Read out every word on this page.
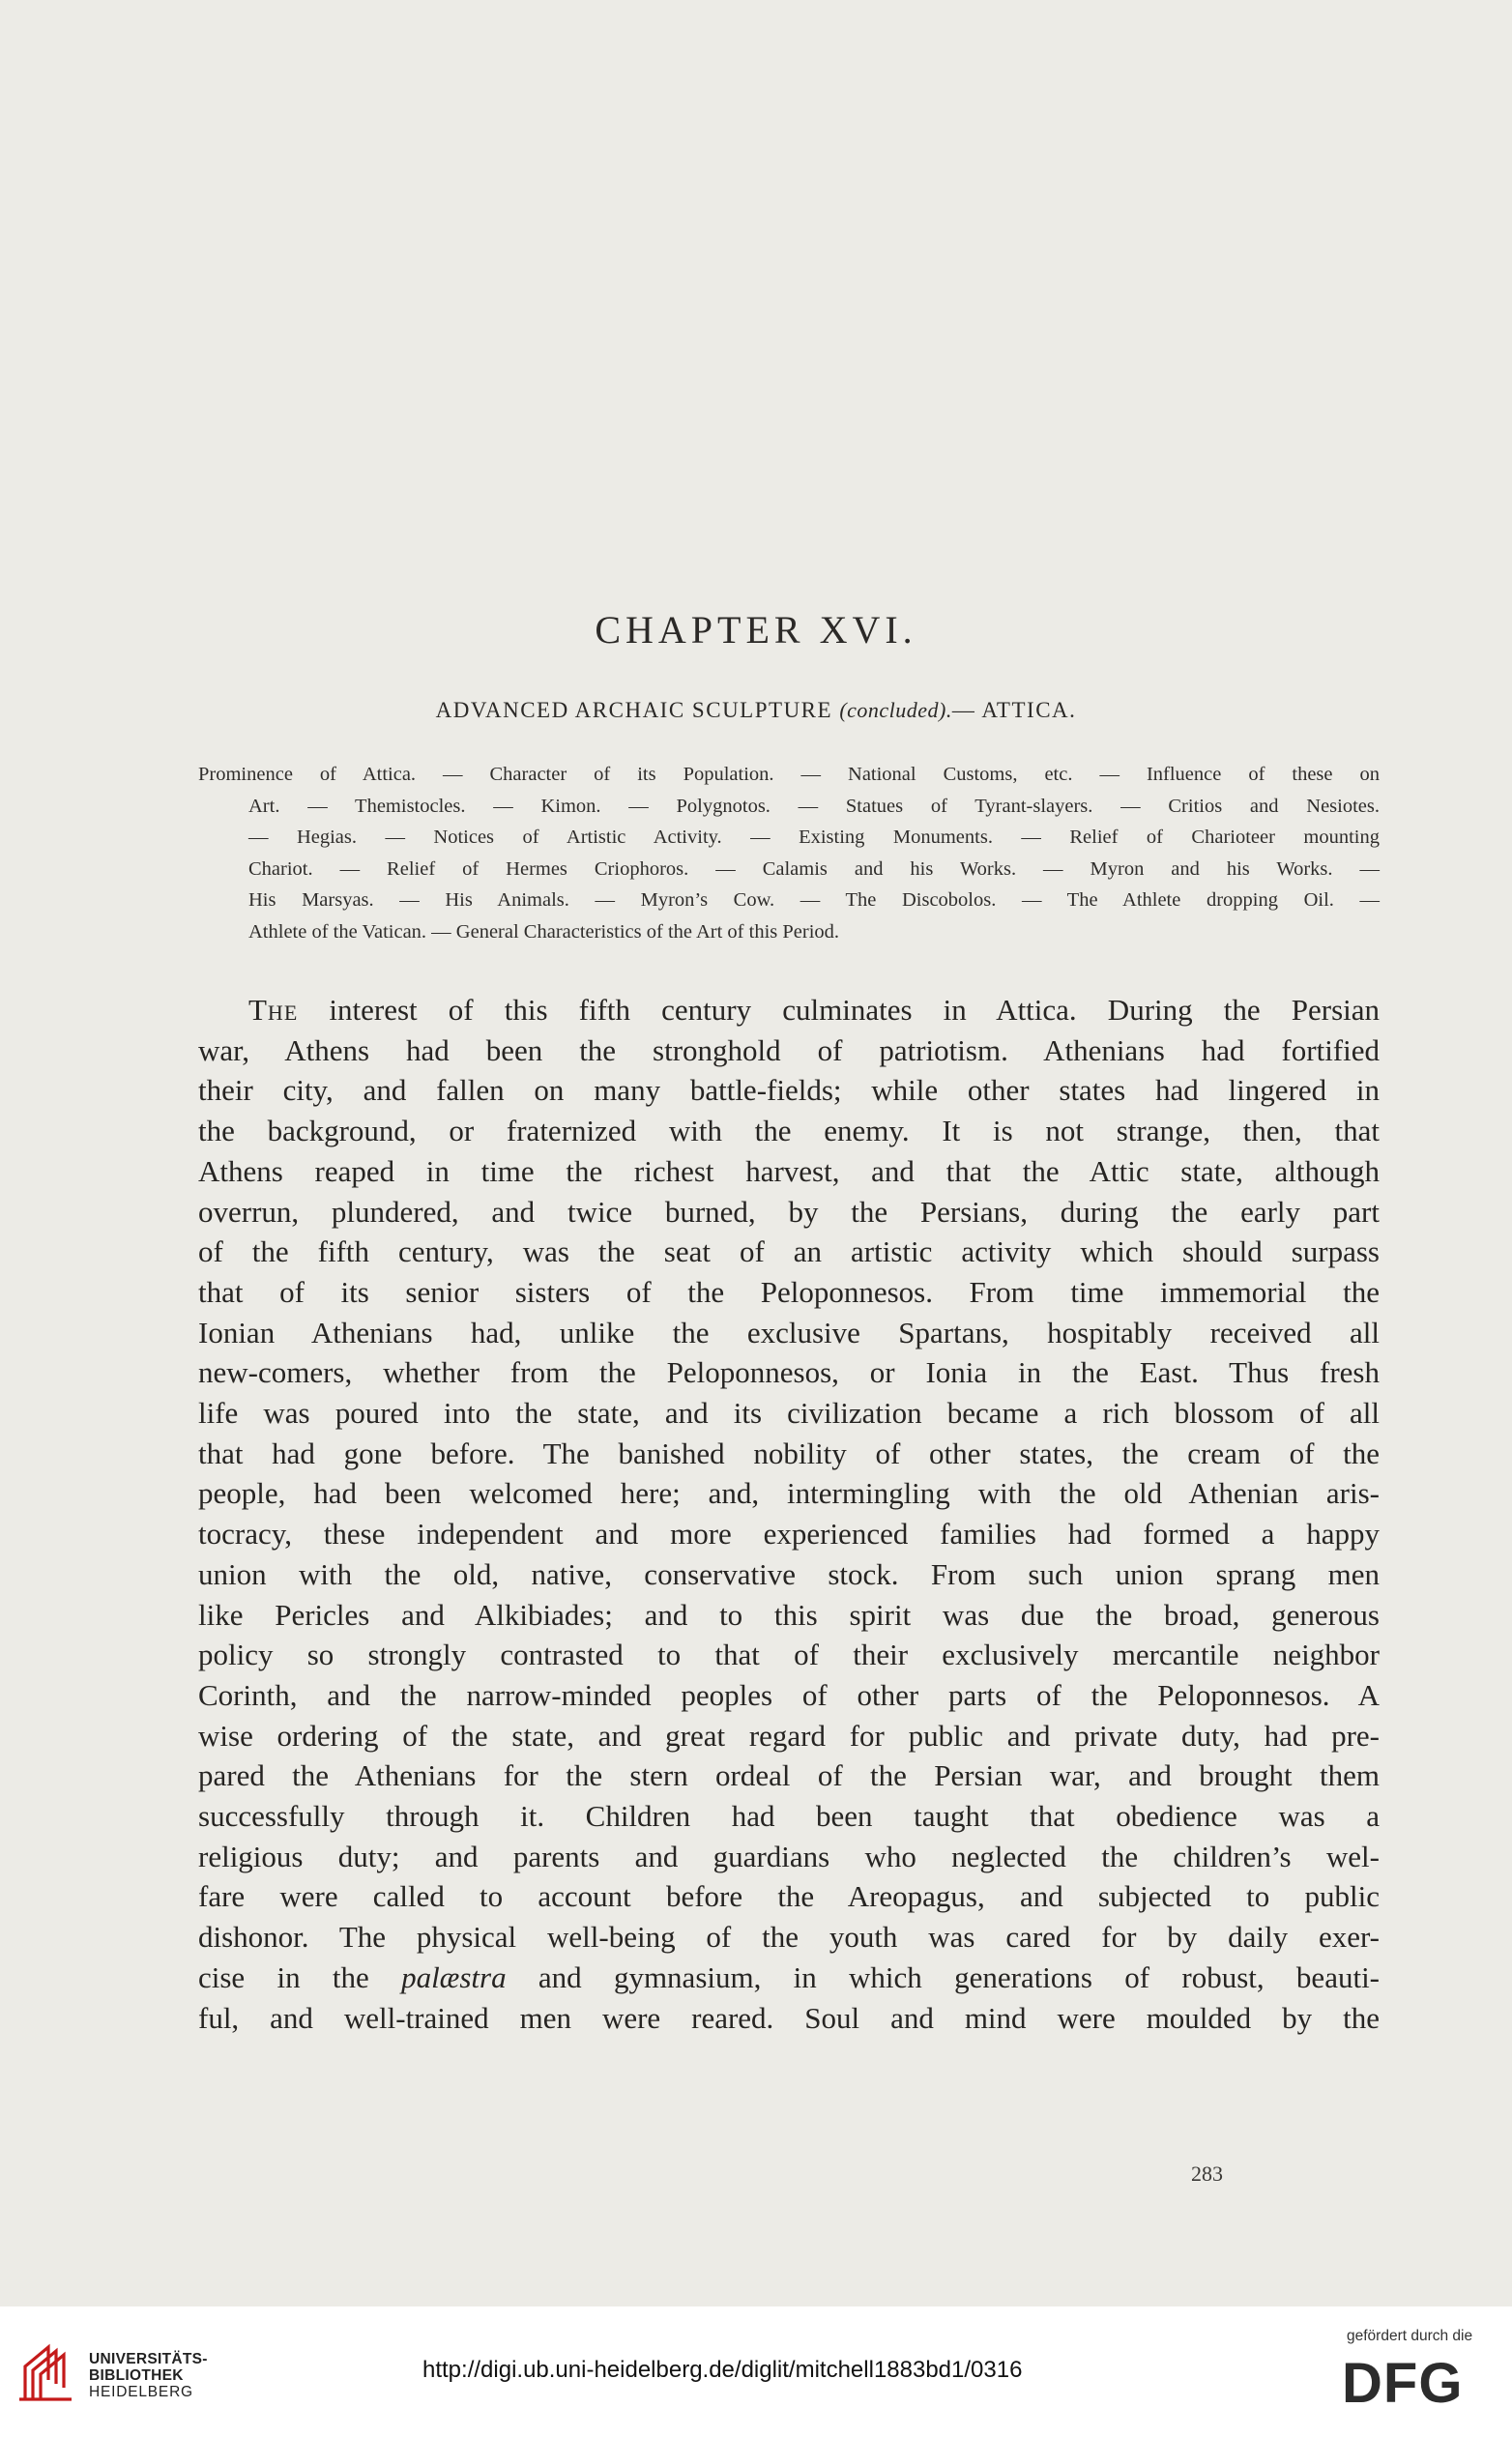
CHAPTER XVI.
ADVANCED ARCHAIC SCULPTURE (concluded).— ATTICA.
Prominence of Attica. — Character of its Population. — National Customs, etc. — Influence of these on
Art. — Themistocles. — Kimon. — Polygnotos. — Statues of Tyrant-slayers. — Critios and Nesiotes.
— Hegias. — Notices of Artistic Activity. — Existing Monuments. — Relief of Charioteer mounting
Chariot. — Relief of Hermes Criophoros. — Calamis and his Works. — Myron and his Works. —
His Marsyas. — His Animals. — Myron’s Cow. — The Discobolos. — The Athlete dropping Oil. —
Athlete of the Vatican. — General Characteristics of the Art of this Period.
The interest of this fifth century culminates in Attica. During the Persian
war, Athens had been the stronghold of patriotism. Athenians had fortified
their city, and fallen on many battle-fields; while other states had lingered in
the background, or fraternized with the enemy. It is not strange, then, that
Athens reaped in time the richest harvest, and that the Attic state, although
overrun, plundered, and twice burned, by the Persians, during the early part
of the fifth century, was the seat of an artistic activity which should surpass
that of its senior sisters of the Peloponnesos. From time immemorial the
Ionian Athenians had, unlike the exclusive Spartans, hospitably received all
new-comers, whether from the Peloponnesos, or Ionia in the East. Thus fresh
life was poured into the state, and its civilization became a rich blossom of all
that had gone before. The banished nobility of other states, the cream of the
people, had been welcomed here; and, intermingling with the old Athenian aris-
tocracy, these independent and more experienced families had formed a happy
union with the old, native, conservative stock. From such union sprang men
like Pericles and Alkibiades; and to this spirit was due the broad, generous
policy so strongly contrasted to that of their exclusively mercantile neighbor
Corinth, and the narrow-minded peoples of other parts of the Peloponnesos. A
wise ordering of the state, and great regard for public and private duty, had pre-
pared the Athenians for the stern ordeal of the Persian war, and brought them
successfully through it. Children had been taught that obedience was a
religious duty; and parents and guardians who neglected the children’s wel-
fare were called to account before the Areopagus, and subjected to public
dishonor. The physical well-being of the youth was cared for by daily exer-
cise in the palæstra and gymnasium, in which generations of robust, beauti-
ful, and well-trained men were reared. Soul and mind were moulded by the
283
UNIVERSITÄTS-
BIBLIOTHEK
HEIDELBERG
http://digi.ub.uni-heidelberg.de/diglit/mitchell1883bd1/0316
gefördert durch die
DFG
